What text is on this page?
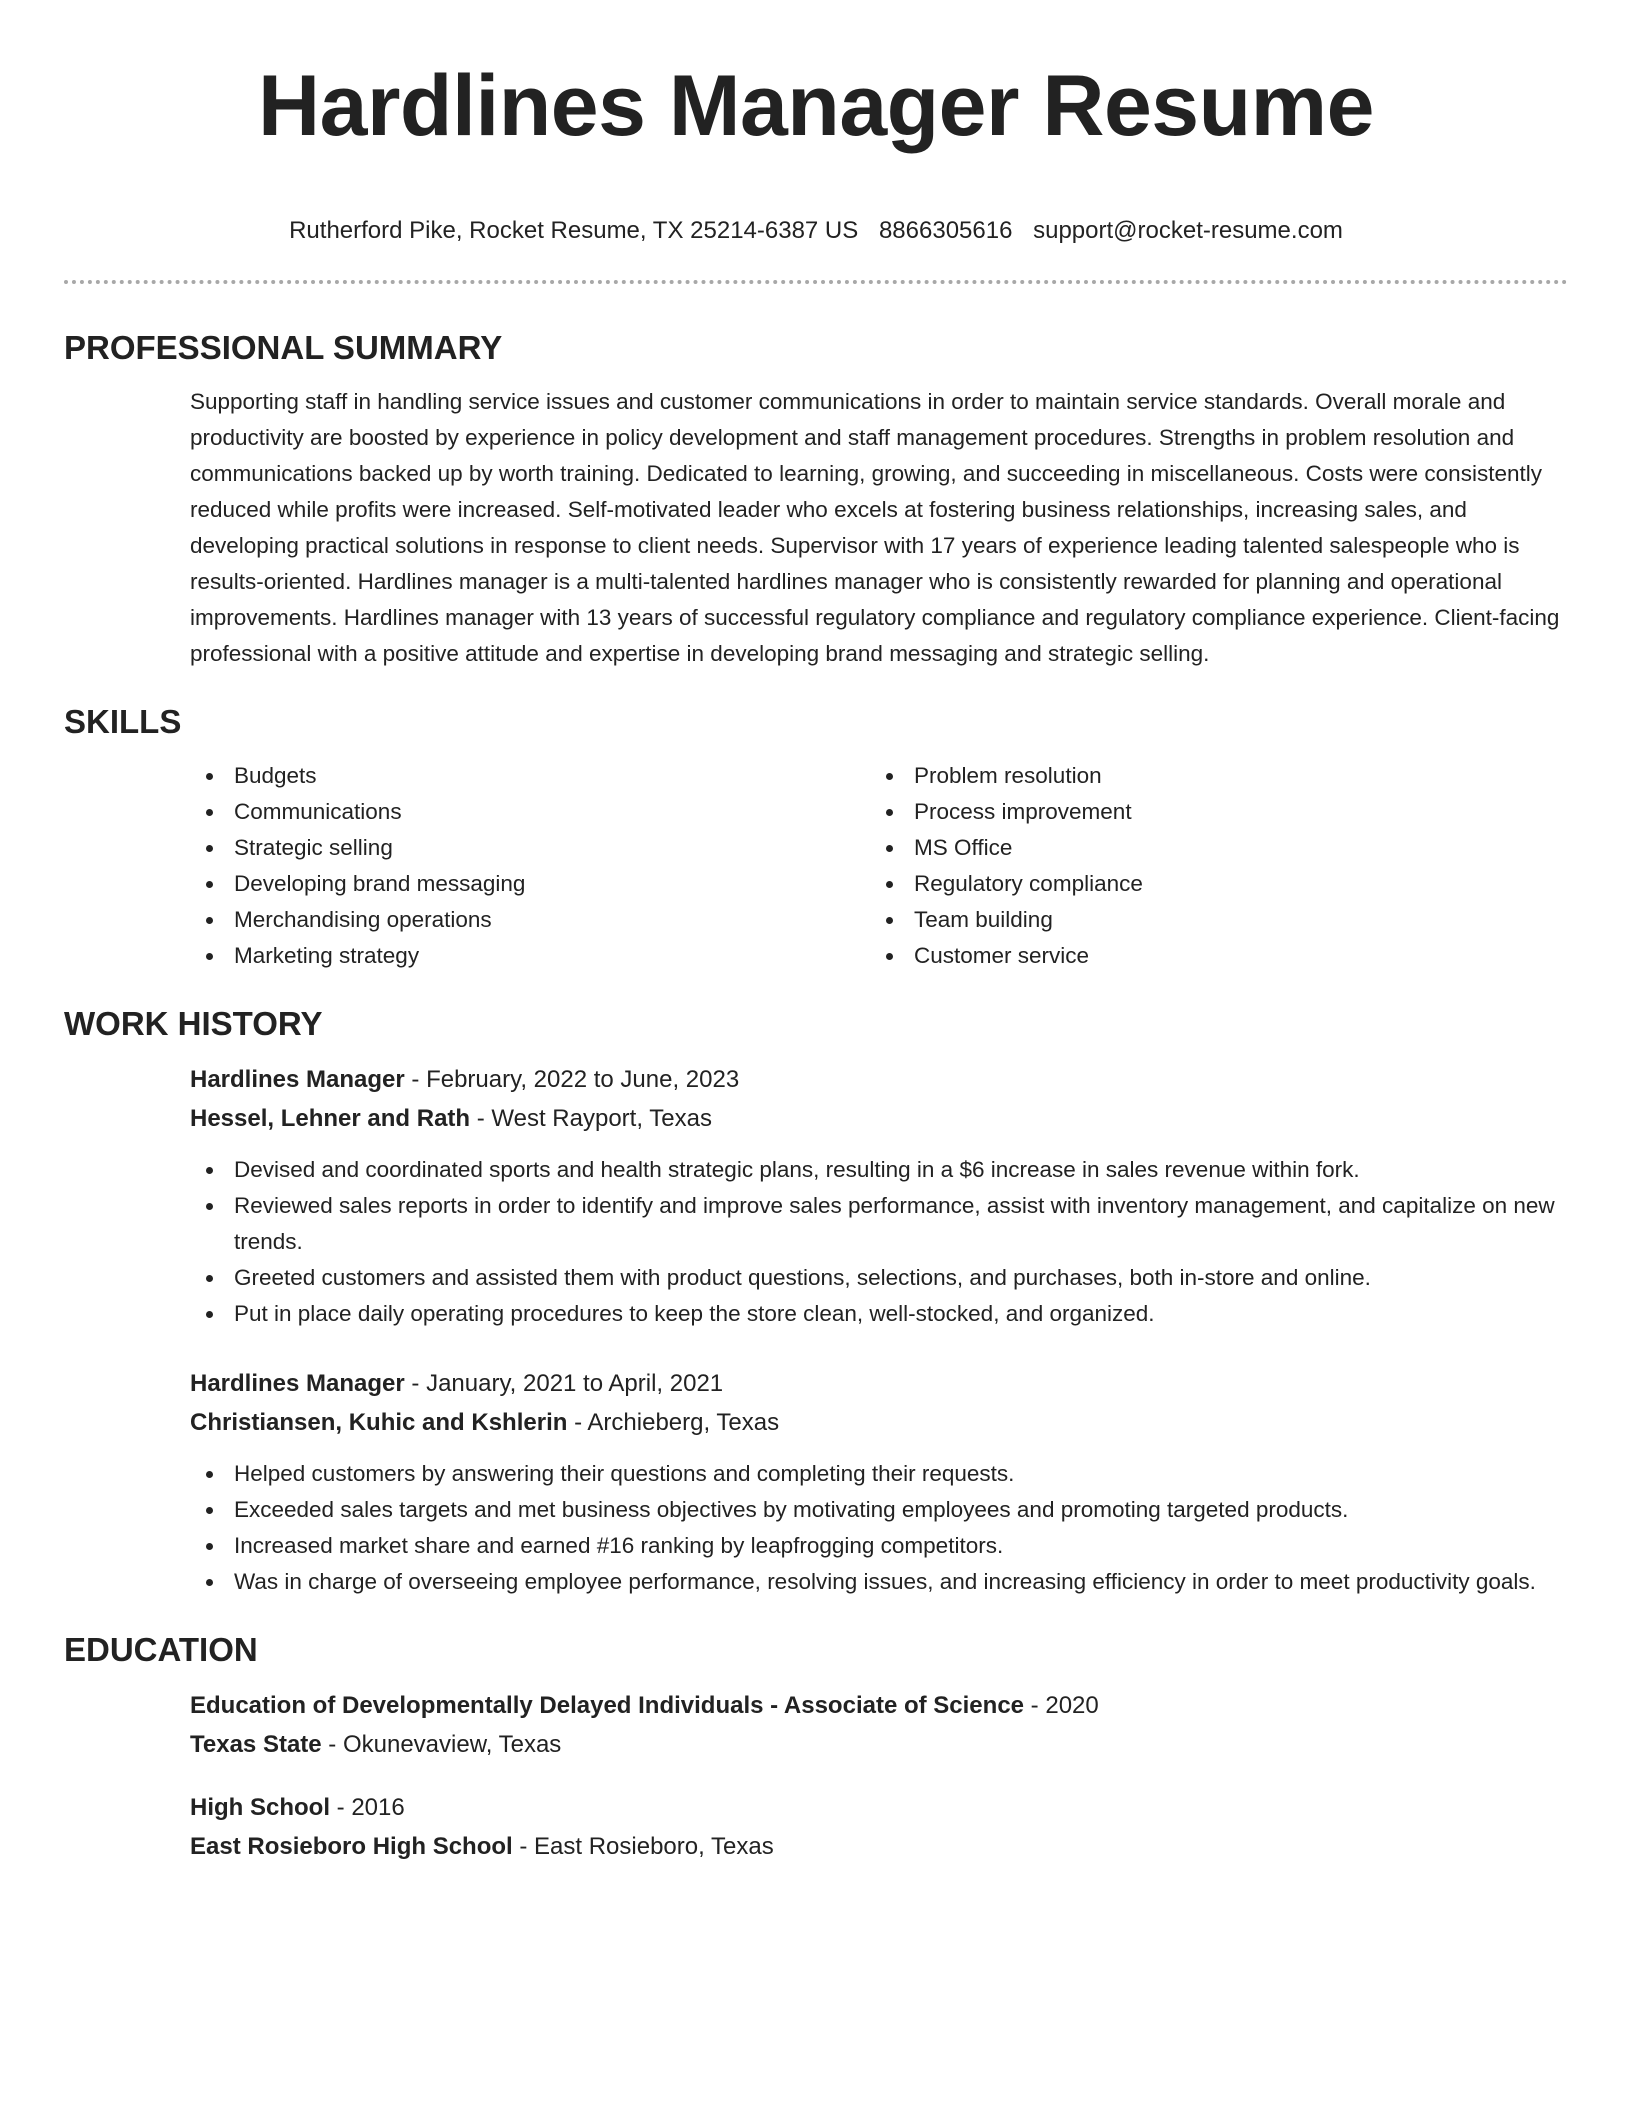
Hardlines Manager Resume
Rutherford Pike, Rocket Resume, TX 25214-6387 US 8866305616 support@rocket-resume.com
PROFESSIONAL SUMMARY

Supporting staff in handling service issues and customer communications in order to maintain service standards. Overall morale and productivity are boosted by experience in policy development and staff management procedures. Strengths in problem resolution and communications backed up by worth training. Dedicated to learning, growing, and succeeding in miscellaneous. Costs were consistently reduced while profits were increased. Self-motivated leader who excels at fostering business relationships, increasing sales, and developing practical solutions in response to client needs. Supervisor with 17 years of experience leading talented salespeople who is results-oriented. Hardlines manager is a multi-talented hardlines manager who is consistently rewarded for planning and operational improvements. Hardlines manager with 13 years of successful regulatory compliance and regulatory compliance experience. Client-facing professional with a positive attitude and expertise in developing brand messaging and strategic selling.

SKILLS
Budgets
Communications
Strategic selling
Developing brand messaging
Merchandising operations
Marketing strategy
Problem resolution
Process improvement
MS Office
Regulatory compliance
Team building
Customer service
WORK HISTORY
Hardlines Manager - February, 2022 to June, 2023
Hessel, Lehner and Rath - West Rayport, Texas
Devised and coordinated sports and health strategic plans, resulting in a $6 increase in sales revenue within fork.
Reviewed sales reports in order to identify and improve sales performance, assist with inventory management, and capitalize on new trends.
Greeted customers and assisted them with product questions, selections, and purchases, both in-store and online.
Put in place daily operating procedures to keep the store clean, well-stocked, and organized.
Hardlines Manager - January, 2021 to April, 2021
Christiansen, Kuhic and Kshlerin - Archieberg, Texas
Helped customers by answering their questions and completing their requests.
Exceeded sales targets and met business objectives by motivating employees and promoting targeted products.
Increased market share and earned #16 ranking by leapfrogging competitors.
Was in charge of overseeing employee performance, resolving issues, and increasing efficiency in order to meet productivity goals.
EDUCATION
Education of Developmentally Delayed Individuals - Associate of Science - 2020
Texas State - Okunevaview, Texas
High School - 2016
East Rosieboro High School - East Rosieboro, Texas
